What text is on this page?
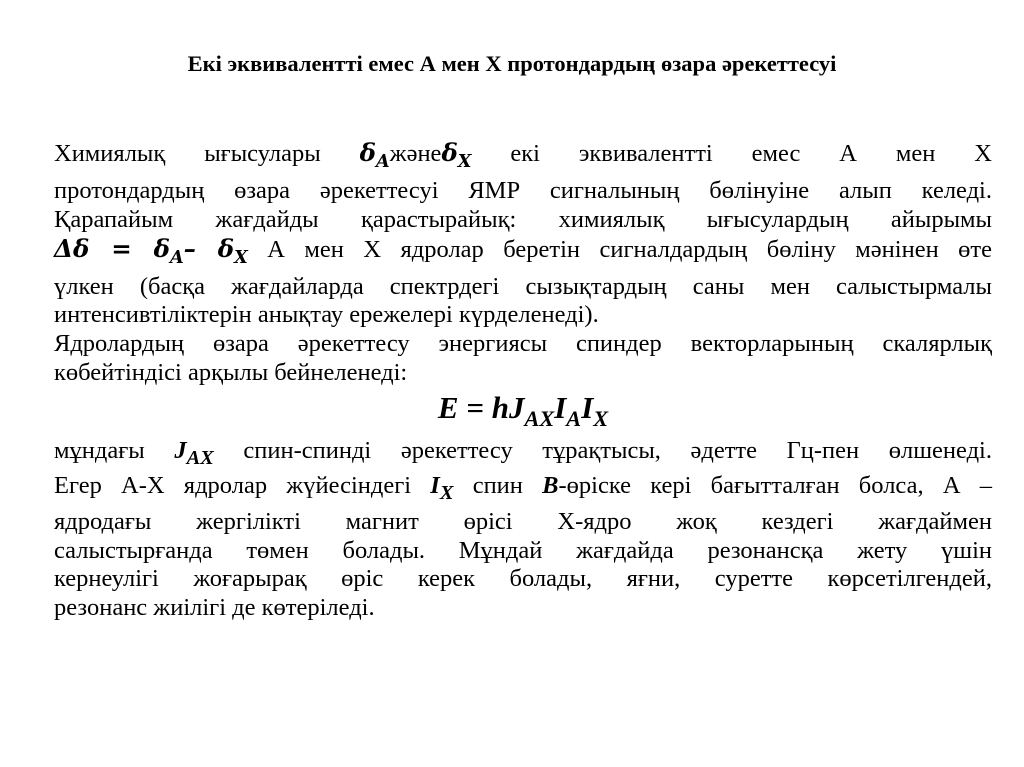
Екі эквивалентті емес А мен Х протондардың өзара әрекеттесуі
Химиялық ығысулары $\delta_Aжәне\delta_X$ екі эквивалентті емес А мен Х
протондардың өзара әрекеттесуі ЯМР сигналының бөлінуіне алып келеді.
Қарапайым жағдайды қарастырайық: химиялық ығысулардың айырымы
$\Delta\delta = \delta_A-$ $\delta_X$ А мен Х ядролар беретін сигналдардың бөліну мәнінен өте
үлкен (басқа жағдайларда спектрдегі сызықтардың саны мен салыстырмалы
интенсивтіліктерін анықтау ережелері күрделенеді).
Ядролардың өзара әрекеттесу энергиясы спиндер векторларының скалярлық
көбейтіндісі арқылы бейнеленеді:
$E = hJ_{AX}I_AI_X$
мұндағы $J_{AX}$ спин-спинді әрекеттесу тұрақтысы, әдетте Гц-пен өлшенеді.
Егер А-Х ядролар жүйесіндегі $I_X$ спин B-өріске кері бағытталған болса, А –
ядродағы жергілікті магнит өрісі Х-ядро жоқ кездегі жағдаймен
салыстырғанда төмен болады. Мұндай жағдайда резонансқа жету үшін
кернеулігі жоғарырақ өріс керек болады, яғни, суретте көрсетілгендей,
резонанс жиілігі де көтеріледі.
